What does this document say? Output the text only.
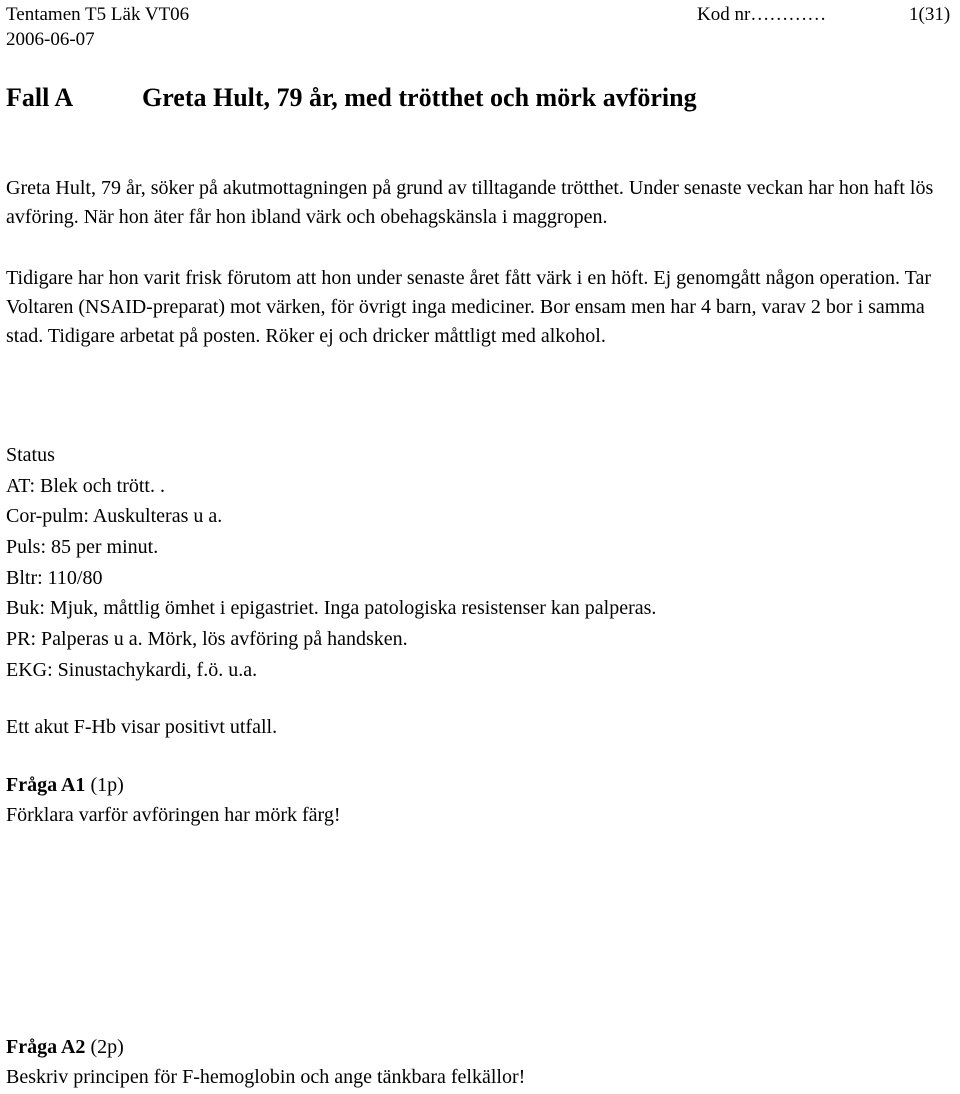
Tentamen T5 Läk VT06
2006-06-07
Kod nr…………	1(31)
Fall A	Greta Hult, 79 år, med trötthet och mörk avföring

Greta Hult, 79 år, söker på akutmottagningen på grund av tilltagande trötthet. Under senaste veckan har hon haft lös avföring. När hon äter får hon ibland värk och obehagskänsla i maggropen.

Tidigare har hon varit frisk förutom att hon under senaste året fått värk i en höft. Ej genomgått någon operation. Tar Voltaren (NSAID-preparat) mot värken, för övrigt inga mediciner. Bor ensam men har 4 barn, varav 2 bor i samma stad. Tidigare arbetat på posten. Röker ej och dricker måttligt med alkohol.

Status
AT: Blek och trött. .
Cor-pulm: Auskulteras u a.
Puls: 85 per minut.
Bltr: 110/80
Buk: Mjuk, måttlig ömhet i epigastriet. Inga patologiska resistenser kan palperas.
PR: Palperas u a. Mörk, lös avföring på handsken.
EKG: Sinustachykardi, f.ö. u.a.
Ett akut F-Hb visar positivt utfall.
Fråga A1 (1p)
Förklara varför avföringen har mörk färg!
Fråga A2 (2p)
Beskriv principen för F-hemoglobin och ange tänkbara felkällor!
